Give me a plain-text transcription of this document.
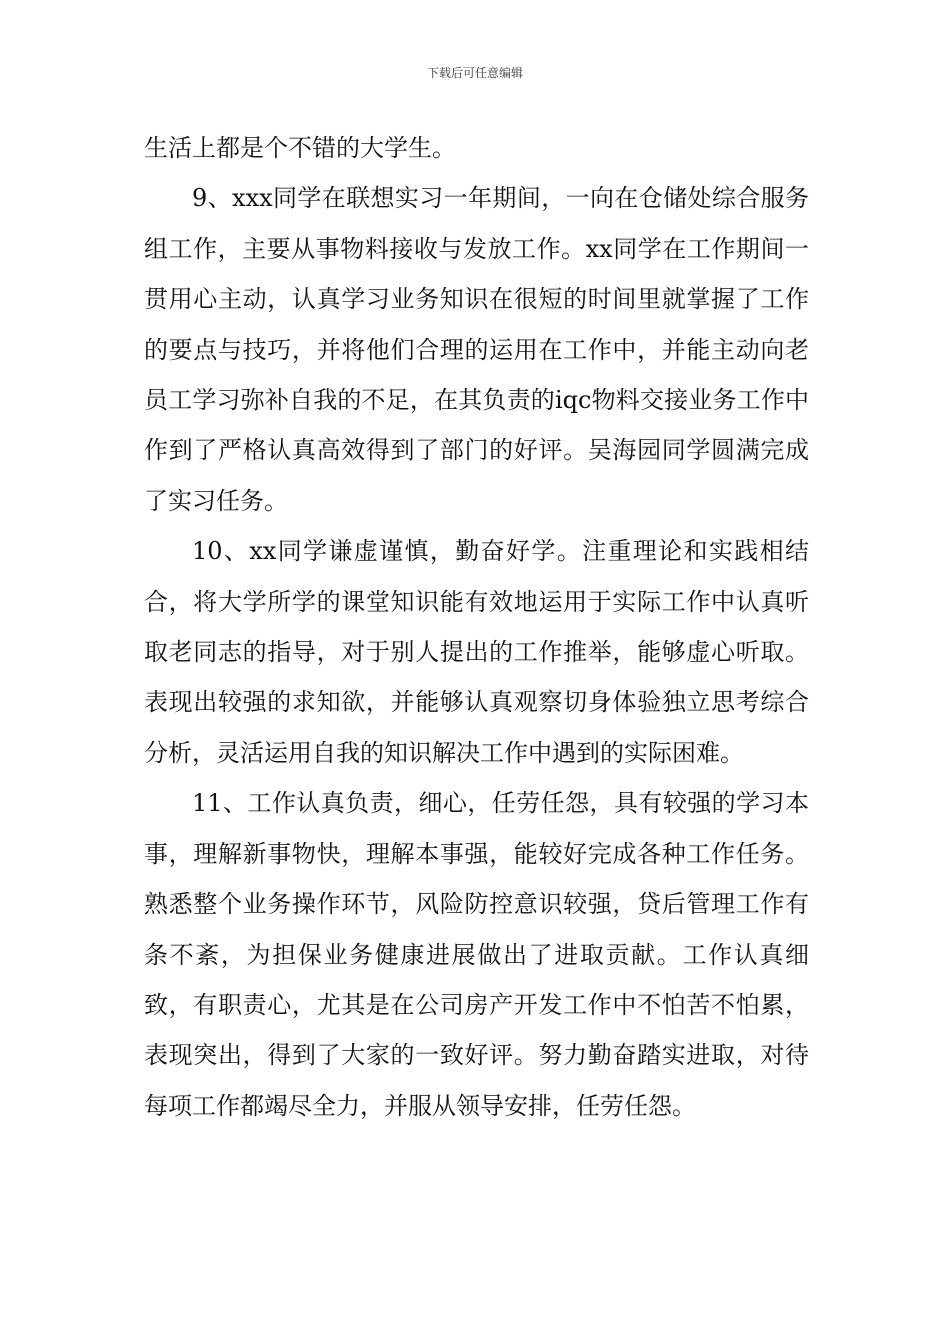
下载后可任意编辑

生活上都是个不错的大学生。

9、xxx同学在联想实习一年期间，一向在仓储处综合服务组工作，主要从事物料接收与发放工作。xx同学在工作期间一贯用心主动，认真学习业务知识在很短的时间里就掌握了工作的要点与技巧，并将他们合理的运用在工作中，并能主动向老员工学习弥补自我的不足，在其负责的iqc物料交接业务工作中作到了严格认真高效得到了部门的好评。吴海园同学圆满完成了实习任务。

10、xx同学谦虚谨慎，勤奋好学。注重理论和实践相结合，将大学所学的课堂知识能有效地运用于实际工作中认真听取老同志的指导，对于别人提出的工作推举，能够虚心听取。表现出较强的求知欲，并能够认真观察切身体验独立思考综合分析，灵活运用自我的知识解决工作中遇到的实际困难。

11、工作认真负责，细心，任劳任怨，具有较强的学习本事，理解新事物快，理解本事强，能较好完成各种工作任务。熟悉整个业务操作环节，风险防控意识较强，贷后管理工作有条不紊，为担保业务健康进展做出了进取贡献。工作认真细致，有职责心，尤其是在公司房产开发工作中不怕苦不怕累，表现突出，得到了大家的一致好评。努力勤奋踏实进取，对待每项工作都竭尽全力，并服从领导安排，任劳任怨。
